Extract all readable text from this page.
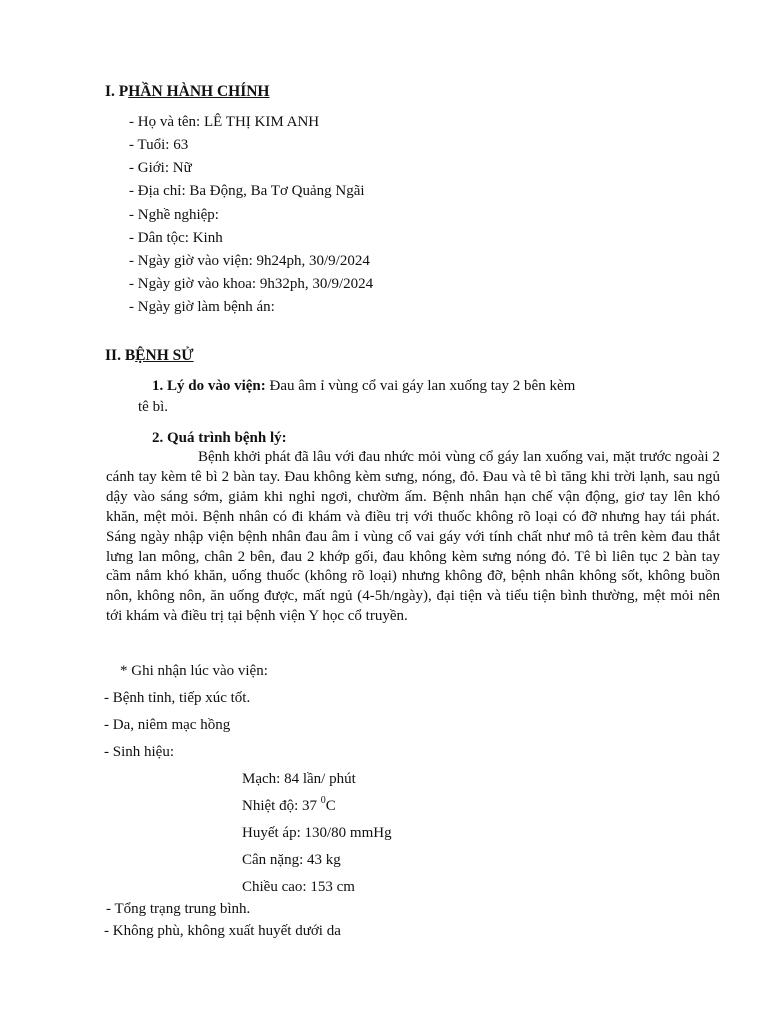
I. PHẦN HÀNH CHÍNH
- Họ và tên: LÊ THỊ KIM ANH
- Tuổi: 63
- Giới: Nữ
- Địa chỉ: Ba Động, Ba Tơ Quảng Ngãi
- Nghề nghiệp:
- Dân tộc: Kinh
- Ngày giờ vào viện: 9h24ph, 30/9/2024
- Ngày giờ vào khoa: 9h32ph, 30/9/2024
- Ngày giờ làm bệnh án:
II. BỆNH SỬ
1. Lý do vào viện: Đau âm ỉ vùng cổ vai gáy lan xuống tay 2 bên kèm
tê bì.
2. Quá trình bệnh lý:
Bệnh khởi phát đã lâu với đau nhức mỏi vùng cổ gáy lan xuống vai, mặt trước ngoài 2 cánh tay kèm tê bì 2 bàn tay. Đau không kèm sưng, nóng, đỏ. Đau và tê bì tăng khi trời lạnh, sau ngủ dậy vào sáng sớm, giảm khi nghỉ ngơi, chườm ấm. Bệnh nhân hạn chế vận động, giơ tay lên khó khăn, mệt mỏi. Bệnh nhân có đi khám và điều trị với thuốc không rõ loại có đỡ nhưng hay tái phát. Sáng ngày nhập viện bệnh nhân đau âm ỉ vùng cổ vai gáy với tính chất như mô tả trên kèm đau thắt lưng lan mông, chân 2 bên, đau 2 khớp gối, đau không kèm sưng nóng đỏ. Tê bì liên tục 2 bàn tay cầm nắm khó khăn, uống thuốc (không rõ loại) nhưng không đỡ, bệnh nhân không sốt, không buồn nôn, không nôn, ăn uống được, mất ngủ (4-5h/ngày), đại tiện và tiểu tiện bình thường, mệt mỏi nên tới khám và điều trị tại bệnh viện Y học cổ truyền.
* Ghi nhận lúc vào viện:
- Bệnh tỉnh, tiếp xúc tốt.
- Da, niêm mạc hồng
- Sinh hiệu:
Mạch: 84 lần/ phút
Nhiệt độ: 37 $^0$C
Huyết áp: 130/80 mmHg
Cân nặng: 43 kg
Chiều cao: 153 cm
- Tổng trạng trung bình.
- Không phù, không xuất huyết dưới da
